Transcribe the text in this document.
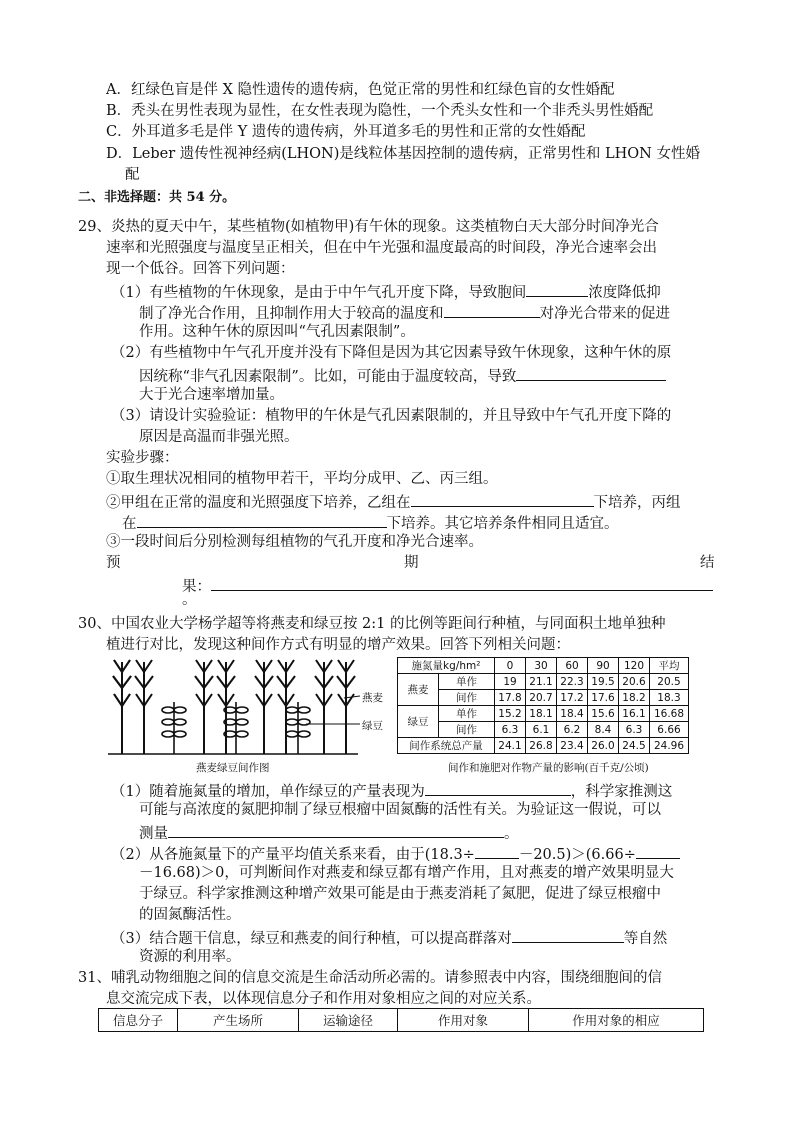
A．红绿色盲是伴 X 隐性遗传的遗传病，色觉正常的男性和红绿色盲的女性婚配
B．秃头在男性表现为显性，在女性表现为隐性，一个秃头女性和一个非秃头男性婚配
C．外耳道多毛是伴 Y 遗传的遗传病，外耳道多毛的男性和正常的女性婚配
D．Leber 遗传性视神经病(LHON)是线粒体基因控制的遗传病，正常男性和 LHON 女性婚
配
二、非选择题：共 54 分。
29、炎热的夏天中午，某些植物(如植物甲)有午休的现象。这类植物白天大部分时间净光合
速率和光照强度与温度呈正相关，但在中午光强和温度最高的时间段，净光合速率会出
现一个低谷。回答下列问题：
（1）有些植物的午休现象，是由于中午气孔开度下降，导致胞间	浓度降低抑
制了净光合作用，且抑制作用大于较高的温度和	对净光合带来的促进
作用。这种午休的原因叫“气孔因素限制”。
（2）有些植物中午气孔开度并没有下降但是因为其它因素导致午休现象，这种午休的原
因统称“非气孔因素限制”。比如，可能由于温度较高，导致
大于光合速率增加量。
（3）请设计实验验证：植物甲的午休是气孔因素限制的，并且导致中午气孔开度下降的
原因是高温而非强光照。
实验步骤：
①取生理状况相同的植物甲若干，平均分成甲、乙、丙三组。
②甲组在正常的温度和光照强度下培养，乙组在	下培养，丙组
在	下培养。其它培养条件相同且适宜。
③一段时间后分别检测每组植物的气孔开度和净光合速率。
预	期	结
果：
。
30、中国农业大学杨学超等将燕麦和绿豆按 2:1 的比例等距间行种植，与同面积土地单独种
植进行对比，发现这种间作方式有明显的增产效果。回答下列相关问题：
燕麦
绿豆
燕麦绿豆间作图
施氮量kg/hm²		0	30	60	90	120	平均
燕麦	单作	19	21.1	22.3	19.5	20.6	20.5
	间作	17.8	20.7	17.2	17.6	18.2	18.3
绿豆	单作	15.2	18.1	18.4	15.6	16.1	16.68
	间作	6.3	6.1	6.2	8.4	6.3	6.66
间作系统总产量		24.1	26.8	23.4	26.0	24.5	24.96
间作和施肥对作物产量的影响(百千克/公顷)
（1）随着施氮量的增加，单作绿豆的产量表现为	，科学家推测这
可能与高浓度的氮肥抑制了绿豆根瘤中固氮酶的活性有关。为验证这一假说，可以
测量	。
（2）从各施氮量下的产量平均值关系来看，由于(18.3÷	－20.5)＞(6.66÷
－16.68)＞0，可判断间作对燕麦和绿豆都有增产作用，且对燕麦的增产效果明显大
于绿豆。科学家推测这种增产效果可能是由于燕麦消耗了氮肥，促进了绿豆根瘤中
的固氮酶活性。
（3）结合题干信息，绿豆和燕麦的间行种植，可以提高群落对	等自然
资源的利用率。
31、哺乳动物细胞之间的信息交流是生命活动所必需的。请参照表中内容，围绕细胞间的信
息交流完成下表，以体现信息分子和作用对象相应之间的对应关系。
信息分子	产生场所	运输途径	作用对象	作用对象的相应
